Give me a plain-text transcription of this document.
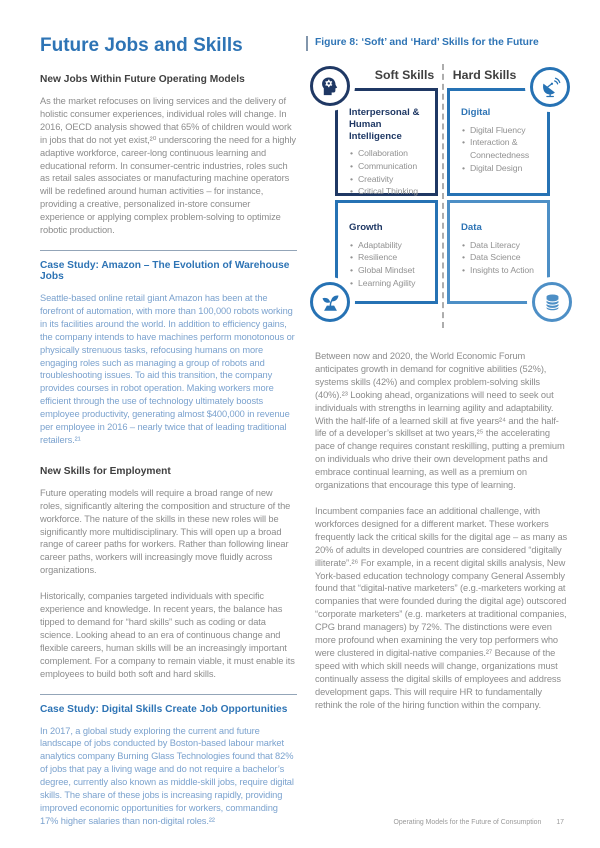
Future Jobs and Skills
New Jobs Within Future Operating Models

As the market refocuses on living services and the delivery of holistic consumer experiences, individual roles will change. In 2016, OECD analysis showed that 65% of children would work in jobs that do not yet exist,²⁰ underscoring the need for a highly adaptive workforce, career-long continuous learning and educational reform. In consumer-centric industries, roles such as retail sales associates or manufacturing machine operators will be redefined around human activities – for instance, providing a creative, personalized in-store consumer experience or applying complex problem-solving to optimize robotic production.

Case Study: Amazon – The Evolution of Warehouse Jobs

Seattle-based online retail giant Amazon has been at the forefront of automation, with more than 100,000 robots working in its facilities around the world. In addition to efficiency gains, the company intends to have machines perform monotonous or physically strenuous tasks, refocusing humans on more engaging roles such as managing a group of robots and troubleshooting issues. To aid this transition, the company provides courses in robot operation. Making workers more efficient through the use of technology ultimately boosts employee productivity, generating almost $400,000 in revenue per employee in 2016 – nearly twice that of leading traditional retailers.²¹

New Skills for Employment

Future operating models will require a broad range of new roles, significantly altering the composition and structure of the workforce. The nature of the skills in these new roles will be significantly more multidisciplinary. This will open up a broad range of career paths for workers. Rather than following linear career paths, workers will increasingly move fluidly across organizations.

Historically, companies targeted individuals with specific experience and knowledge. In recent years, the balance has tipped to demand for “hard skills” such as coding or data science. Looking ahead to an era of continuous change and flexible careers, human skills will be an increasingly important complement. For a company to remain viable, it must enable its employees to build both soft and hard skills.

Case Study: Digital Skills Create Job Opportunities

In 2017, a global study exploring the current and future landscape of jobs conducted by Boston-based labour market analytics company Burning Glass Technologies found that 82% of jobs that pay a living wage and do not require a bachelor’s degree, currently also known as middle-skill jobs, require digital skills. The share of these jobs is increasing rapidly, providing improved economic opportunities for workers, commanding 17% higher salaries than non-digital roles.²²

Figure 8: ‘Soft’ and ‘Hard’ Skills for the Future
Soft Skills	Hard Skills
Interpersonal & Human Intelligence
• Collaboration
• Communication
• Creativity
• Critical Thinking
•
Digital
• Digital Fluency
• Interaction & Connectedness
• Digital Design
Growth
• Adaptability
• Resilience
• Global Mindset
• Learning Agility
Data
• Data Literacy
• Data Science
• Insights to Action

Between now and 2020, the World Economic Forum anticipates growth in demand for cognitive abilities (52%), systems skills (42%) and complex problem-solving skills (40%).²³ Looking ahead, organizations will need to seek out individuals with strengths in learning agility and adaptability. With the half-life of a learned skill at five years²⁴ and the half-life of a developer’s skillset at two years,²⁵ the accelerating pace of change requires constant reskilling, putting a premium on individuals who drive their own development paths and embrace continual learning, as well as a premium on organizations that encourage this type of learning.

Incumbent companies face an additional challenge, with workforces designed for a different market. These workers frequently lack the critical skills for the digital age – as many as 20% of adults in developed countries are considered “digitally illiterate”.²⁶ For example, in a recent digital skills analysis, New York-based education technology company General Assembly found that “digital-native marketers” (e.g.-marketers working at companies that were founded during the digital age) outscored “corporate marketers” (e.g. marketers at traditional companies, CPG brand managers) by 72%. The distinctions were even more profound when examining the very top performers who were clustered in digital-native companies.²⁷ Because of the speed with which skill needs will change, organizations must continually assess the digital skills of employees and address development gaps. This will require HR to fundamentally rethink the role of the hiring function within the company.

Operating Models for the Future of Consumption 17
